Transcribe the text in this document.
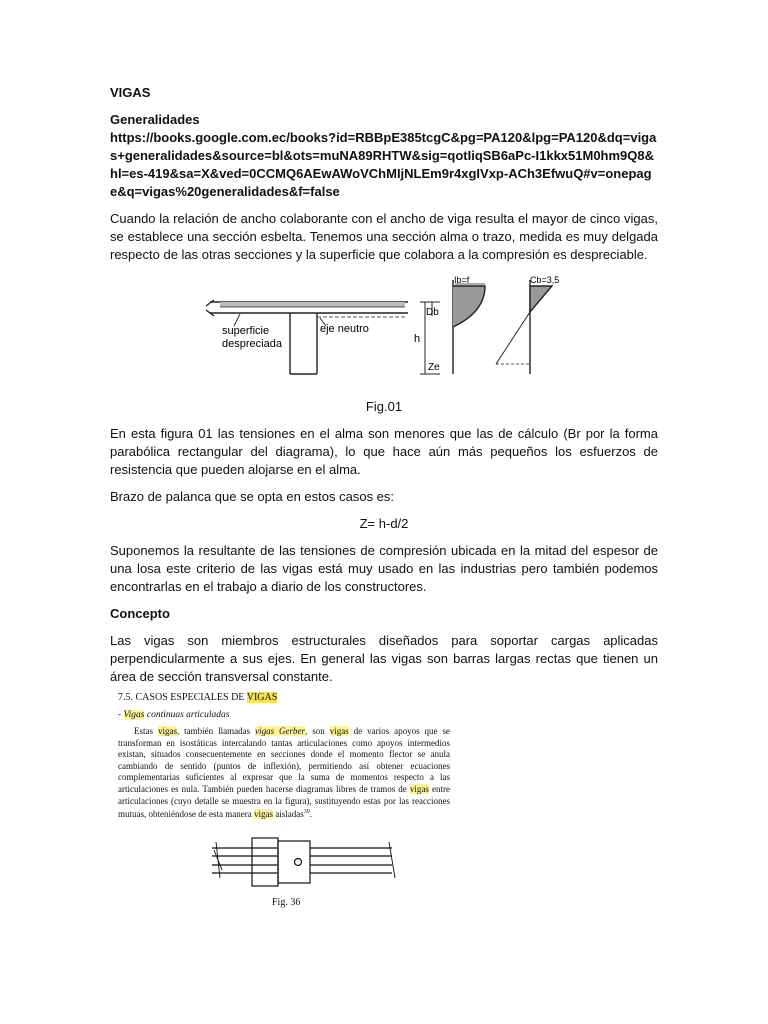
VIGAS
Generalidades
https://books.google.com.ec/books?id=RBBpE385tcgC&pg=PA120&lpg=PA120&dq=vigas+generalidades&source=bl&ots=muNA89RHTW&sig=qotIiqSB6aPc-I1kkx51M0hm9Q8&hl=es-419&sa=X&ved=0CCMQ6AEwAWoVChMIjNLEm9r4xgIVxp-ACh3EfwuQ#v=onepage&q=vigas%20generalidades&f=false
Cuando la relación de ancho colaborante con el ancho de viga resulta el mayor de cinco vigas, se establece una sección esbelta. Tenemos una sección alma o trazo, medida es muy delgada respecto de las otras secciones y la superficie que colabora a la compresión es despreciable.
superficie
despreciada
eje neutro
Db
h
Ze
Ib=f	Cb=3,5
Fig.01
En esta figura 01 las tensiones en el alma son menores que las de cálculo (Br por la forma parabólica rectangular del diagrama), lo que hace aún más pequeños los esfuerzos de resistencia que pueden alojarse en el alma.
Brazo de palanca que se opta en estos casos es:
Z= h-d/2
Suponemos la resultante de las tensiones de compresión ubicada en la mitad del espesor de una losa este criterio de las vigas está muy usado en las industrias pero también podemos encontrarlas en el trabajo a diario de los constructores.
Concepto
Las vigas son miembros estructurales diseñados para soportar cargas aplicadas perpendicularmente a sus ejes. En general las vigas son barras largas rectas que tienen un área de sección transversal constante.
7.5. CASOS ESPECIALES DE VIGAS
- Vigas continuas articuladas
Estas vigas, también llamadas vigas Gerber, son vigas de varios apoyos que se transforman en isostáticas intercalando tantas articulaciones como apoyos intermedios existan, situados consecuentemente en secciones donde el momento flector se anula cambiando de sentido (puntos de inflexión), permitiendo así obtener ecuaciones complementarias suficientes al expresar que la suma de momentos respecto a las articulaciones es nula. También pueden hacerse diagramas libres de tramos de vigas entre articulaciones (cuyo detalle se muestra en la figura), sustituyendo estas por las reacciones mutuas, obteniéndose de esta manera vigas aisladas$^{39}$.
Fig. 36
